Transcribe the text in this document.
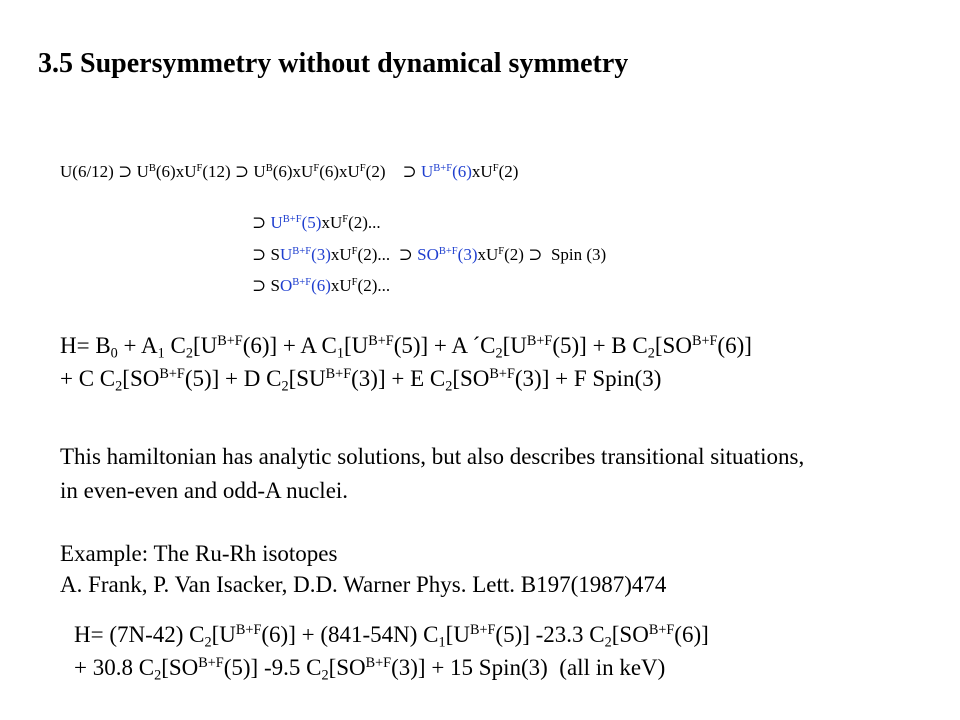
3.5 Supersymmetry without dynamical symmetry
U(6/12) ⊃ $U^B(6)xU^F(12)$ ⊃ $U^B(6)xU^F(6)xU^F(2)$    ⊃ $U^{B+F}(6)xU^F(2)$
⊃ $U^{B+F}(5)xU^F(2)$...
⊃ $SU^{B+F}(3)xU^F(2)$...  ⊃ $SO^{B+F}(3)xU^F(2)$ ⊃  Spin (3)
⊃ $SO^{B+F}(6)xU^F(2)$...
$H= B_0 + A_1$ $C_2[U^{B+F}(6)] + A$ $C_1[U^{B+F}(5)] + A$ $´C_2[U^{B+F}(5)] + B$ $C_2[SO^{B+F}(6)]$
+ C $C_2[SO^{B+F}(5)] + D$ $C_2[SU^{B+F}(3)] + E$ $C_2[SO^{B+F}(3)] + F$ Spin(3)
This hamiltonian has analytic solutions, but also describes transitional situations,
in even-even and odd-A nuclei.
Example: The Ru-Rh isotopes
A. Frank, P. Van Isacker, D.D. Warner Phys. Lett. B197(1987)474
H= (7N-42) $C_2[U^{B+F}(6)] + (841-54N)$ $C_1[U^{B+F}(5)]$ -23.3 $C_2[SO^{B+F}(6)]$
+ 30.8 $C_2[SO^{B+F}(5)]$ -9.5 $C_2[SO^{B+F}(3)] + 15$ Spin(3)  (all in keV)
